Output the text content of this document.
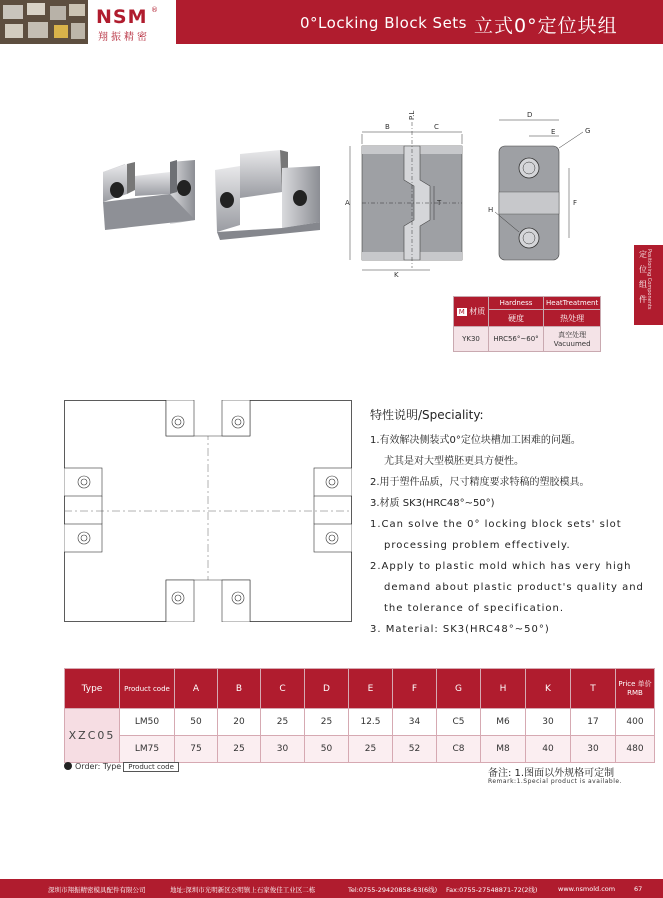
NSM ®
翔振精密
0°Locking Block Sets 立式0°定位块组
定 位 组 件 Positioning Components
B	C
P.L
A	T
K
D
E	G
F
H
M 材质	Hardness	HeatTreatment
	硬度	热处理
YK30	HRC56°~60°	真空处理
Vacuumed
特性说明/Speciality:
1.有效解决侧装式0°定位块槽加工困难的问题。
尤其是对大型模胚更具方便性。
2.用于塑件品质，尺寸精度要求特稿的塑胶模具。
3.材质 SK3(HRC48°~50°)
1.Can solve the 0° locking block sets' slot
processing problem effectively.
2.Apply to plastic mold which has very high
demand about plastic product's quality and
the tolerance of specification.
3. Material: SK3(HRC48°~50°)
Type	Product code	A	B	C	D	E	F	G	H	K	T	Price 单价 RMB
XZC05	LM50	50	20	25	25	12.5	34	C5	M6	30	17	400
	LM75	75	25	30	50	25	52	C8	M8	40	30	480
Order: Type Product code
备注: 1.图面以外规格可定制
Remark:1.Special product is available.
深圳市翔振精密模具配件有限公司	地址:深圳市光明新区公明镇上石家俊佳工业区二栋	Tel:0755-29420858-63(6线) Fax:0755-27548871-72(2线)	www.nsmold.com	67
